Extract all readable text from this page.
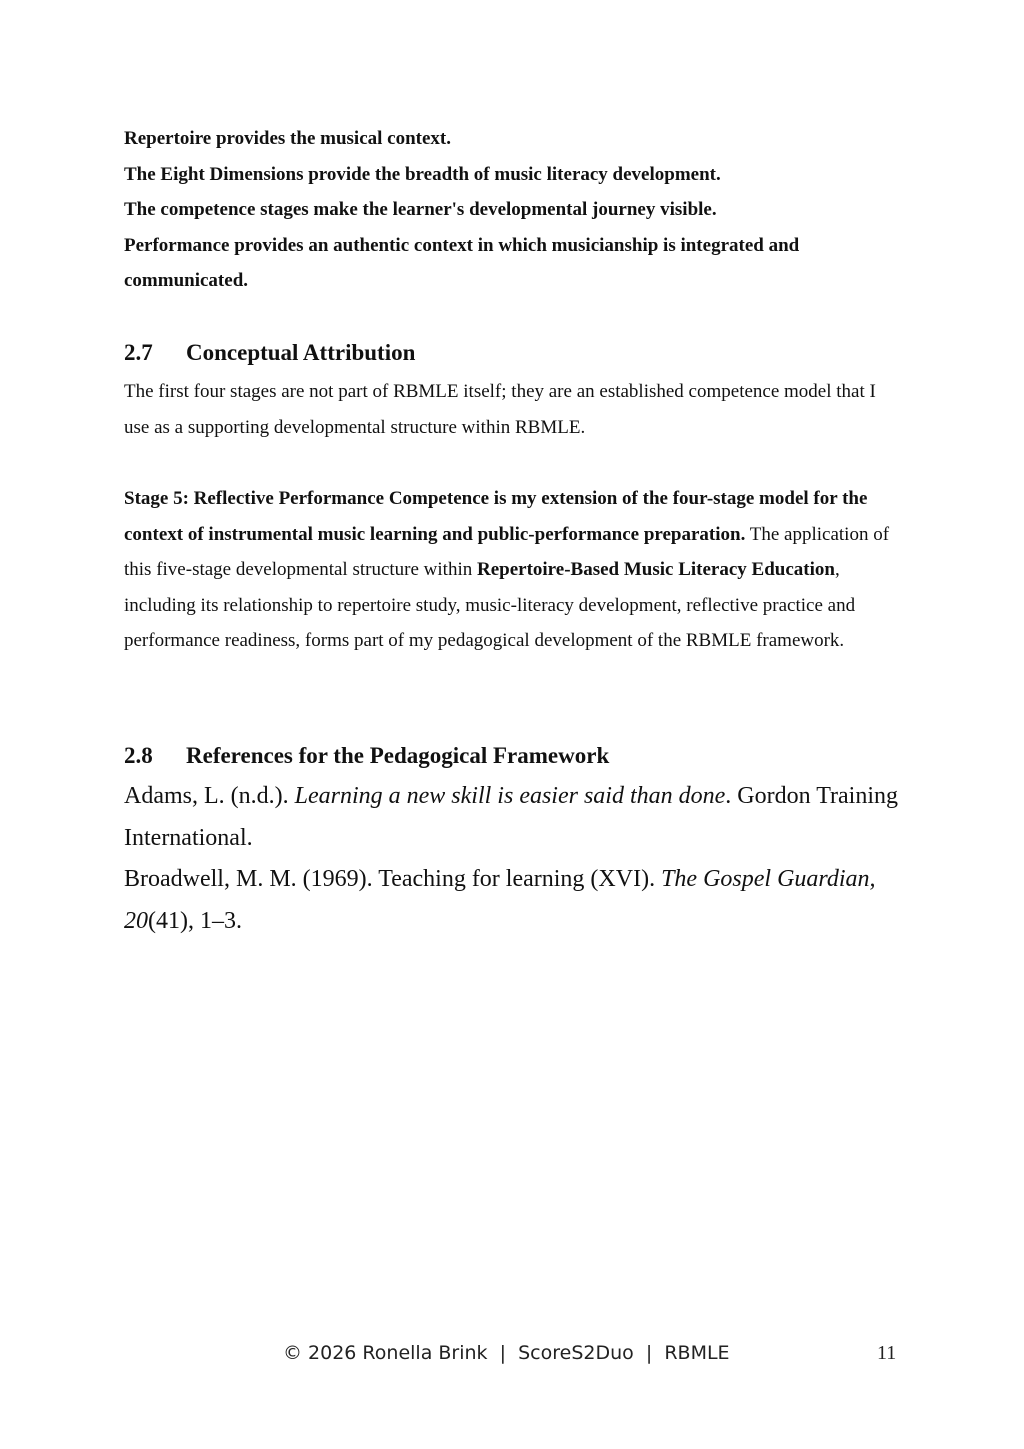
Repertoire provides the musical context.

The Eight Dimensions provide the breadth of music literacy development.

The competence stages make the learner's developmental journey visible.

Performance provides an authentic context in which musicianship is integrated and communicated.

2.7 Conceptual Attribution

The first four stages are not part of RBMLE itself; they are an established competence model that I use as a supporting developmental structure within RBMLE.

Stage 5: Reflective Performance Competence is my extension of the four-stage model for the context of instrumental music learning and public-performance preparation. The application of this five-stage developmental structure within Repertoire-Based Music Literacy Education, including its relationship to repertoire study, music-literacy development, reflective practice and performance readiness, forms part of my pedagogical development of the RBMLE framework.

2.8 References for the Pedagogical Framework

Adams, L. (n.d.). Learning a new skill is easier said than done. Gordon Training International.

Broadwell, M. M. (1969). Teaching for learning (XVI). The Gospel Guardian, 20(41), 1–3.

© 2026 Ronella Brink  |  ScoreS2Duo  |  RBMLE	11
